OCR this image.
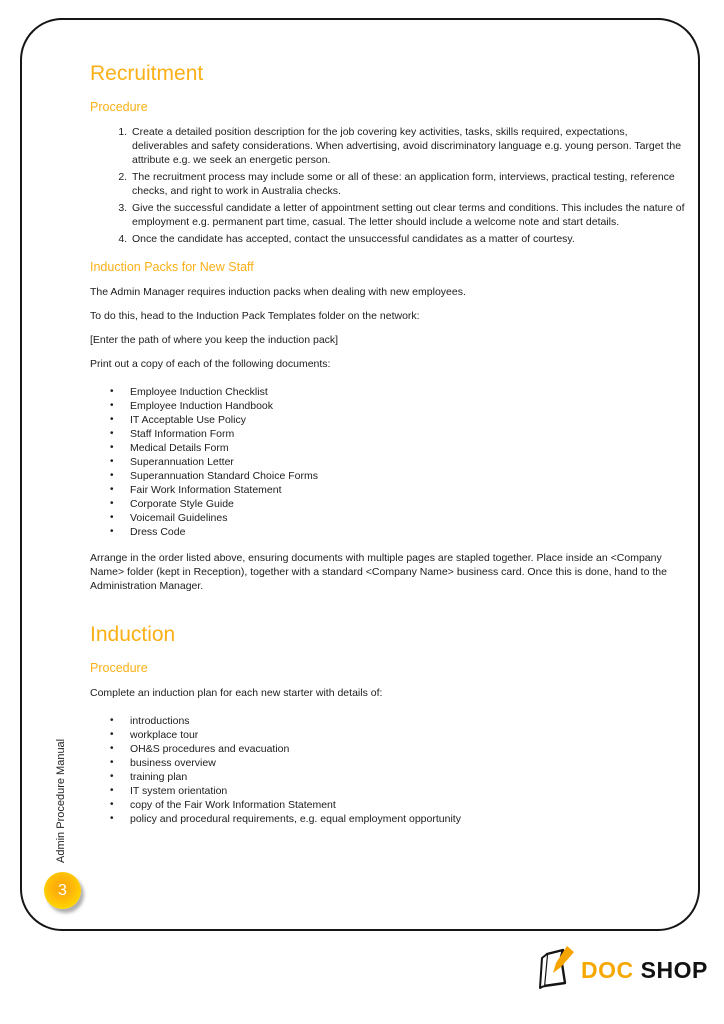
Recruitment
Procedure
1. Create a detailed position description for the job covering key activities, tasks, skills required, expectations, deliverables and safety considerations. When advertising, avoid discriminatory language e.g. young person. Target the attribute e.g. we seek an energetic person.
2. The recruitment process may include some or all of these: an application form, interviews, practical testing, reference checks, and right to work in Australia checks.
3. Give the successful candidate a letter of appointment setting out clear terms and conditions. This includes the nature of employment e.g. permanent part time, casual. The letter should include a welcome note and start details.
4. Once the candidate has accepted, contact the unsuccessful candidates as a matter of courtesy.
Induction Packs for New Staff

The Admin Manager requires induction packs when dealing with new employees.

To do this, head to the Induction Pack Templates folder on the network:

[Enter the path of where you keep the induction pack]

Print out a copy of each of the following documents:

• Employee Induction Checklist
• Employee Induction Handbook
• IT Acceptable Use Policy
• Staff Information Form
• Medical Details Form
• Superannuation Letter
• Superannuation Standard Choice Forms
• Fair Work Information Statement
• Corporate Style Guide
• Voicemail Guidelines
• Dress Code

Arrange in the order listed above, ensuring documents with multiple pages are stapled together. Place inside an <Company Name> folder (kept in Reception), together with a standard <Company Name> business card. Once this is done, hand to the Administration Manager.

Induction
Procedure

Complete an induction plan for each new starter with details of:

• introductions
• workplace tour
• OH&S procedures and evacuation
• business overview
• training plan
• IT system orientation
• copy of the Fair Work Information Statement
• policy and procedural requirements, e.g. equal employment opportunity
Admin Procedure Manual
3
DOC SHOP
